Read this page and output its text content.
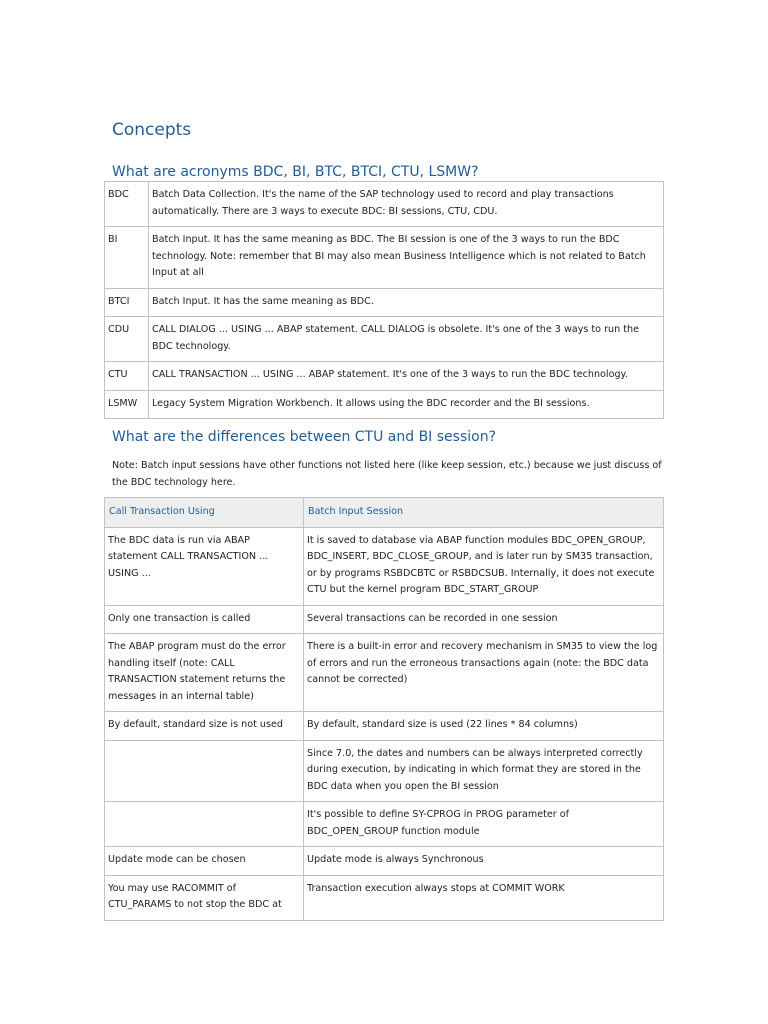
Concepts
What are acronyms BDC, BI, BTC, BTCI, CTU, LSMW?
BDC	Batch Data Collection. It's the name of the SAP technology used to record and play transactions automatically. There are 3 ways to execute BDC: BI sessions, CTU, CDU.
BI	Batch Input. It has the same meaning as BDC. The BI session is one of the 3 ways to run the BDC technology. Note: remember that BI may also mean Business Intelligence which is not related to Batch Input at all
BTCI	Batch Input. It has the same meaning as BDC.
CDU	CALL DIALOG ... USING ... ABAP statement. CALL DIALOG is obsolete. It's one of the 3 ways to run the BDC technology.
CTU	CALL TRANSACTION ... USING ... ABAP statement. It's one of the 3 ways to run the BDC technology.
LSMW	Legacy System Migration Workbench. It allows using the BDC recorder and the BI sessions.
What are the differences between CTU and BI session?

Note: Batch input sessions have other functions not listed here (like keep session, etc.) because we just discuss of the BDC technology here.

Call Transaction Using	Batch Input Session
The BDC data is run via ABAP statement CALL TRANSACTION ... USING ...	It is saved to database via ABAP function modules BDC_OPEN_GROUP, BDC_INSERT, BDC_CLOSE_GROUP, and is later run by SM35 transaction, or by programs RSBDCBTC or RSBDCSUB. Internally, it does not execute CTU but the kernel program BDC_START_GROUP
Only one transaction is called	Several transactions can be recorded in one session
The ABAP program must do the error handling itself (note: CALL TRANSACTION statement returns the messages in an internal table)	There is a built-in error and recovery mechanism in SM35 to view the log of errors and run the erroneous transactions again (note: the BDC data cannot be corrected)
By default, standard size is not used	By default, standard size is used (22 lines * 84 columns)
	Since 7.0, the dates and numbers can be always interpreted correctly during execution, by indicating in which format they are stored in the BDC data when you open the BI session
	It's possible to define SY-CPROG in PROG parameter of BDC_OPEN_GROUP function module
Update mode can be chosen	Update mode is always Synchronous
You may use RACOMMIT of CTU_PARAMS to not stop the BDC at	Transaction execution always stops at COMMIT WORK
